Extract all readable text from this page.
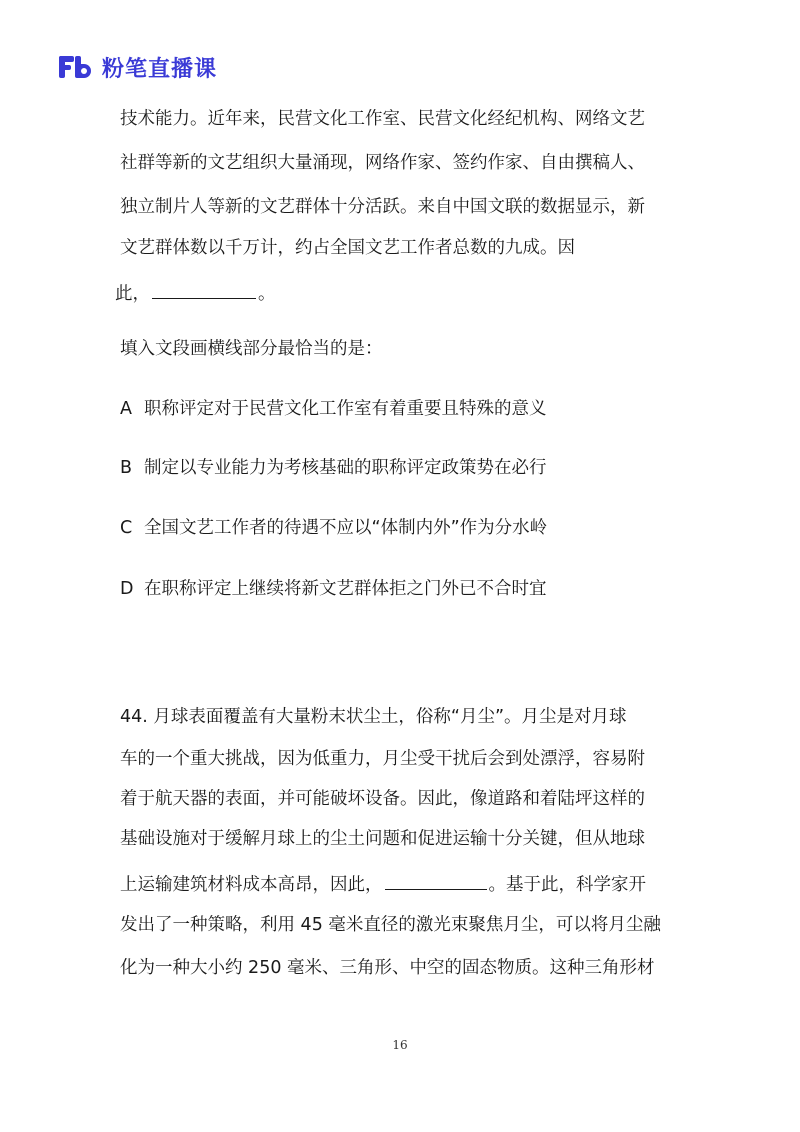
粉笔直播课
技术能力。近年来，民营文化工作室、民营文化经纪机构、网络文艺
社群等新的文艺组织大量涌现，网络作家、签约作家、自由撰稿人、
独立制片人等新的文艺群体十分活跃。来自中国文联的数据显示，新
文艺群体数以千万计，约占全国文艺工作者总数的九成。因
此，	。
填入文段画横线部分最恰当的是：
A 职称评定对于民营文化工作室有着重要且特殊的意义
B 制定以专业能力为考核基础的职称评定政策势在必行
C 全国文艺工作者的待遇不应以“体制内外”作为分水岭
D 在职称评定上继续将新文艺群体拒之门外已不合时宜
44. 月球表面覆盖有大量粉末状尘土，俗称“月尘”。月尘是对月球
车的一个重大挑战，因为低重力，月尘受干扰后会到处漂浮，容易附
着于航天器的表面，并可能破坏设备。因此，像道路和着陆坪这样的
基础设施对于缓解月球上的尘土问题和促进运输十分关键，但从地球
上运输建筑材料成本高昂，因此，	。基于此，科学家开
发出了一种策略，利用 45 毫米直径的激光束聚焦月尘，可以将月尘融
化为一种大小约 250 毫米、三角形、中空的固态物质。这种三角形材
16
